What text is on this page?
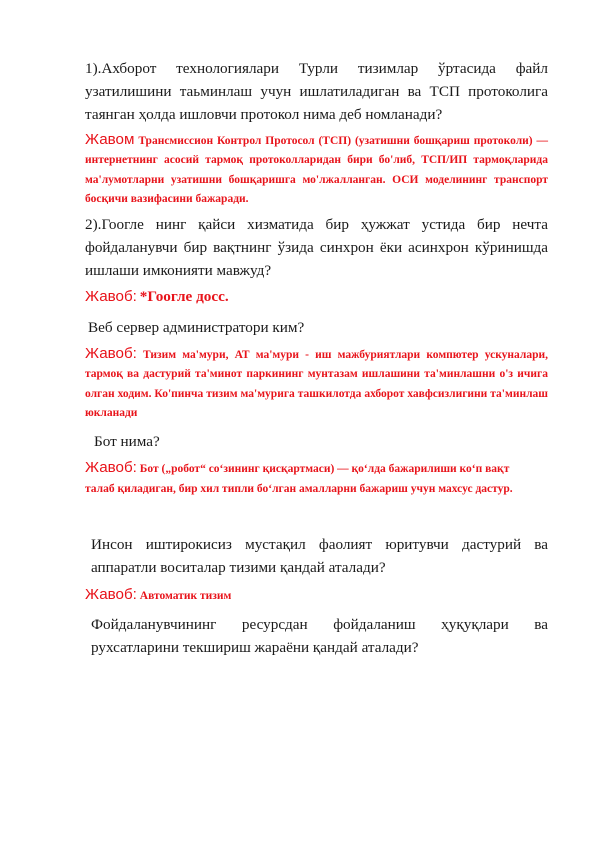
1).Ахборот технологиялари Турли тизимлар ўртасида файл узатилишини таьминлаш учун ишлатиладиган ва ТСП протоколига таянган ҳолда ишловчи протокол нима деб номланади?

Жавом Трансмиссион Контрол Протосол (ТСП) (узатишни бошқариш протоколи) — интернетнинг асосий тармоқ протоколларидан бири бо'либ, ТСП/ИП тармоқларида ма'лумотларни узатишни бошқаришга мо'лжалланган. ОСИ моделининг транспорт босқичи вазифасини бажаради.

2).Гоогле нинг қайси хизматида бир ҳужжат устида бир нечта фойдаланувчи бир вақтнинг ўзида синхрон ёки асинхрон кўринишда ишлаши имконияти мавжуд?

Жавоб: *Гоогле досс.

Веб сервер администратори ким?

Жавоб: Тизим ма'мури, АТ ма'мури - иш мажбуриятлари компютер ускуналари, тармоқ ва дастурий та'минот паркининг мунтазам ишлашини та'минлашни о'з ичига олган ходим. Ко'пинча тизим ма'мурига ташкилотда ахборот хавфсизлигини та'минлаш юкланади

Бот нима?

Жавоб: Бот („робот“ со‘зининг қисқартмаси) — қо‘лда бажарилиши ко‘п вақт талаб қиладиган, бир хил типли бо‘лган амалларни бажариш учун махсус дастур.

Инсон иштирокисиз мустақил фаолият юритувчи дастурий ва аппаратли воситалар тизими қандай аталади?

Жавоб: Автоматик тизим

Фойдаланувчининг ресурсдан фойдаланиш ҳуқуқлари ва рухсатларини текшириш жараёни қандай аталади?
